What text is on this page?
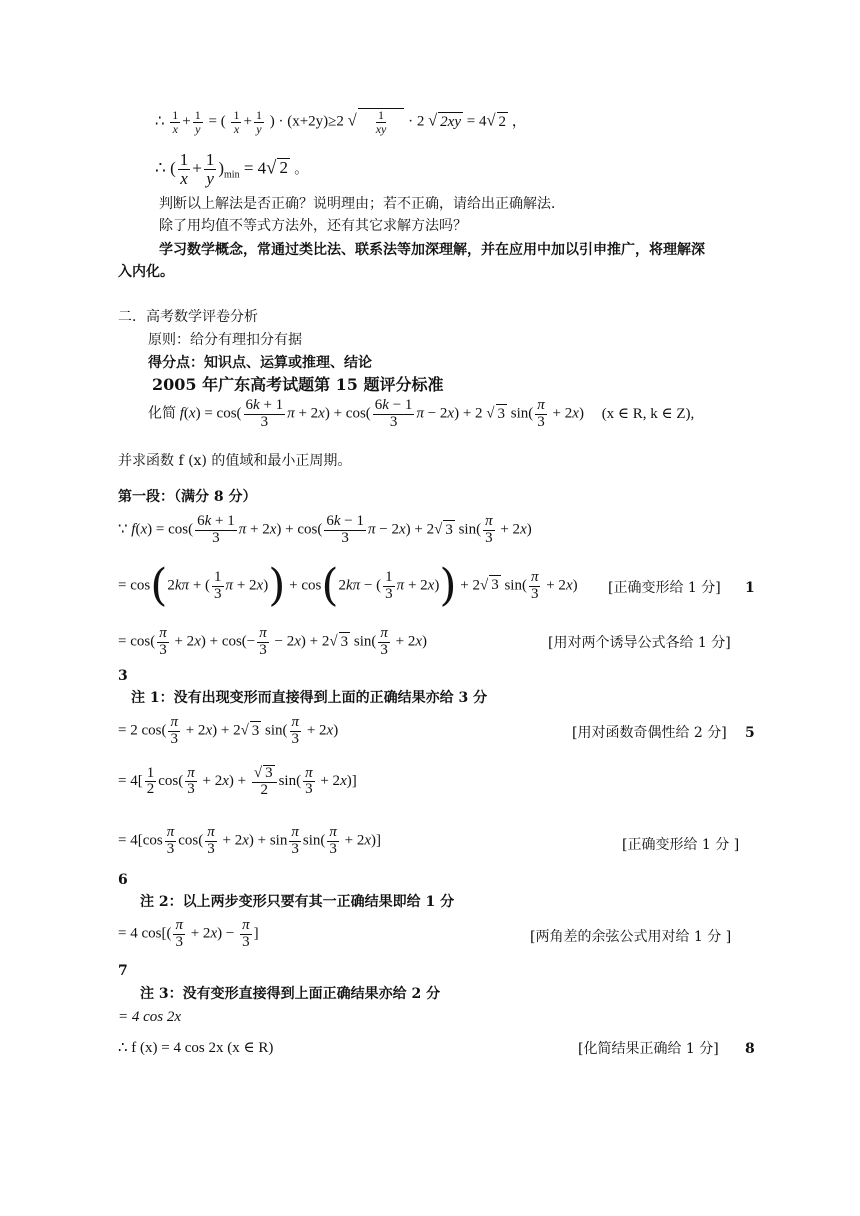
∴ $\frac{1}{x} + \frac{1}{y}$ = ( $\frac{1}{x} + \frac{1}{y}$ ) · (x+2y)≥2 √ $\frac{1}{xy} \cdot 2$ √ 2xy = 4√ 2 ，
∴ ( $\frac{1}{x} + \frac{1}{y} )_{min} = 4√$ 2 。
判断以上解法是否正确？说明理由；若不正确，请给出正确解法．
除了用均值不等式方法外，还有其它求解方法吗？
学习数学概念，常通过类比法、联系法等加深理解，并在应用中加以引申推广，将理解深
入内化。
二．高考数学评卷分析
原则：给分有理扣分有据
得分点：知识点、运算或推理、结论
2005 年广东高考试题第 15 题评分标准
化简 $f(x) = \cos( \frac{6k + 1}{3}$ $\pi + 2x) + \cos( \frac{6k - 1}{3}$ π − 2x) + 2 √ 3 $\sin( \frac{\pi}{3} + 2x)$ (x ∈ R, k ∈ Z),
并求函数 f (x) 的值域和最小正周期。
第一段：（满分 8 分）
∵ $f(x) = \cos( \frac{6k + 1}{3}$ $\pi + 2x) + \cos( \frac{6k - 1}{3}$ π − 2x) + 2√ 3 $\sin( \frac{\pi}{3} + 2x)$
= cos(2kπ + ( $\frac{1}{3}$ π + 2x)) + cos(2kπ − ( $\frac{1}{3}$ π + 2x)) + 2√ 3 $\sin( \frac{\pi}{3} + 2x)$ [正确变形给 1 分] 1
= $\cos( \frac{\pi}{3} + 2x) + \cos(- \frac{\pi}{3} - 2x) + 2√$ 3 $\sin( \frac{\pi}{3} + 2x)$	[用对两个诱导公式各给 1 分]
3
注 1：没有出现变形而直接得到上面的正确结果亦给 3 分
= 2 $\cos( \frac{\pi}{3} + 2x) + 2√$ 3 $\sin( \frac{\pi}{3} + 2x)$	[用对函数奇偶性给 2 分] 5
= $4[ \frac{1}{2} \cos( \frac{\pi}{3} + 2x) + \frac{√ 3}{2} \sin( \frac{\pi}{3} + 2x)]$
= $4[\cos \frac{\pi}{3} \cos( \frac{\pi}{3} + 2x) + \sin \frac{\pi}{3} \sin( \frac{\pi}{3} + 2x)]$	[正确变形给 1 分 ]
6
注 2：以上两步变形只要有其一正确结果即给 1 分
= 4 $\cos[( \frac{\pi}{3} + 2x) - \frac{\pi}{3}$ ]	[两角差的余弦公式用对给 1 分 ]
7
注 3：没有变形直接得到上面正确结果亦给 2 分
= 4 cos 2x
∴ f (x) = 4 cos 2x (x ∈ R)	[化简结果正确给 1 分] 8
